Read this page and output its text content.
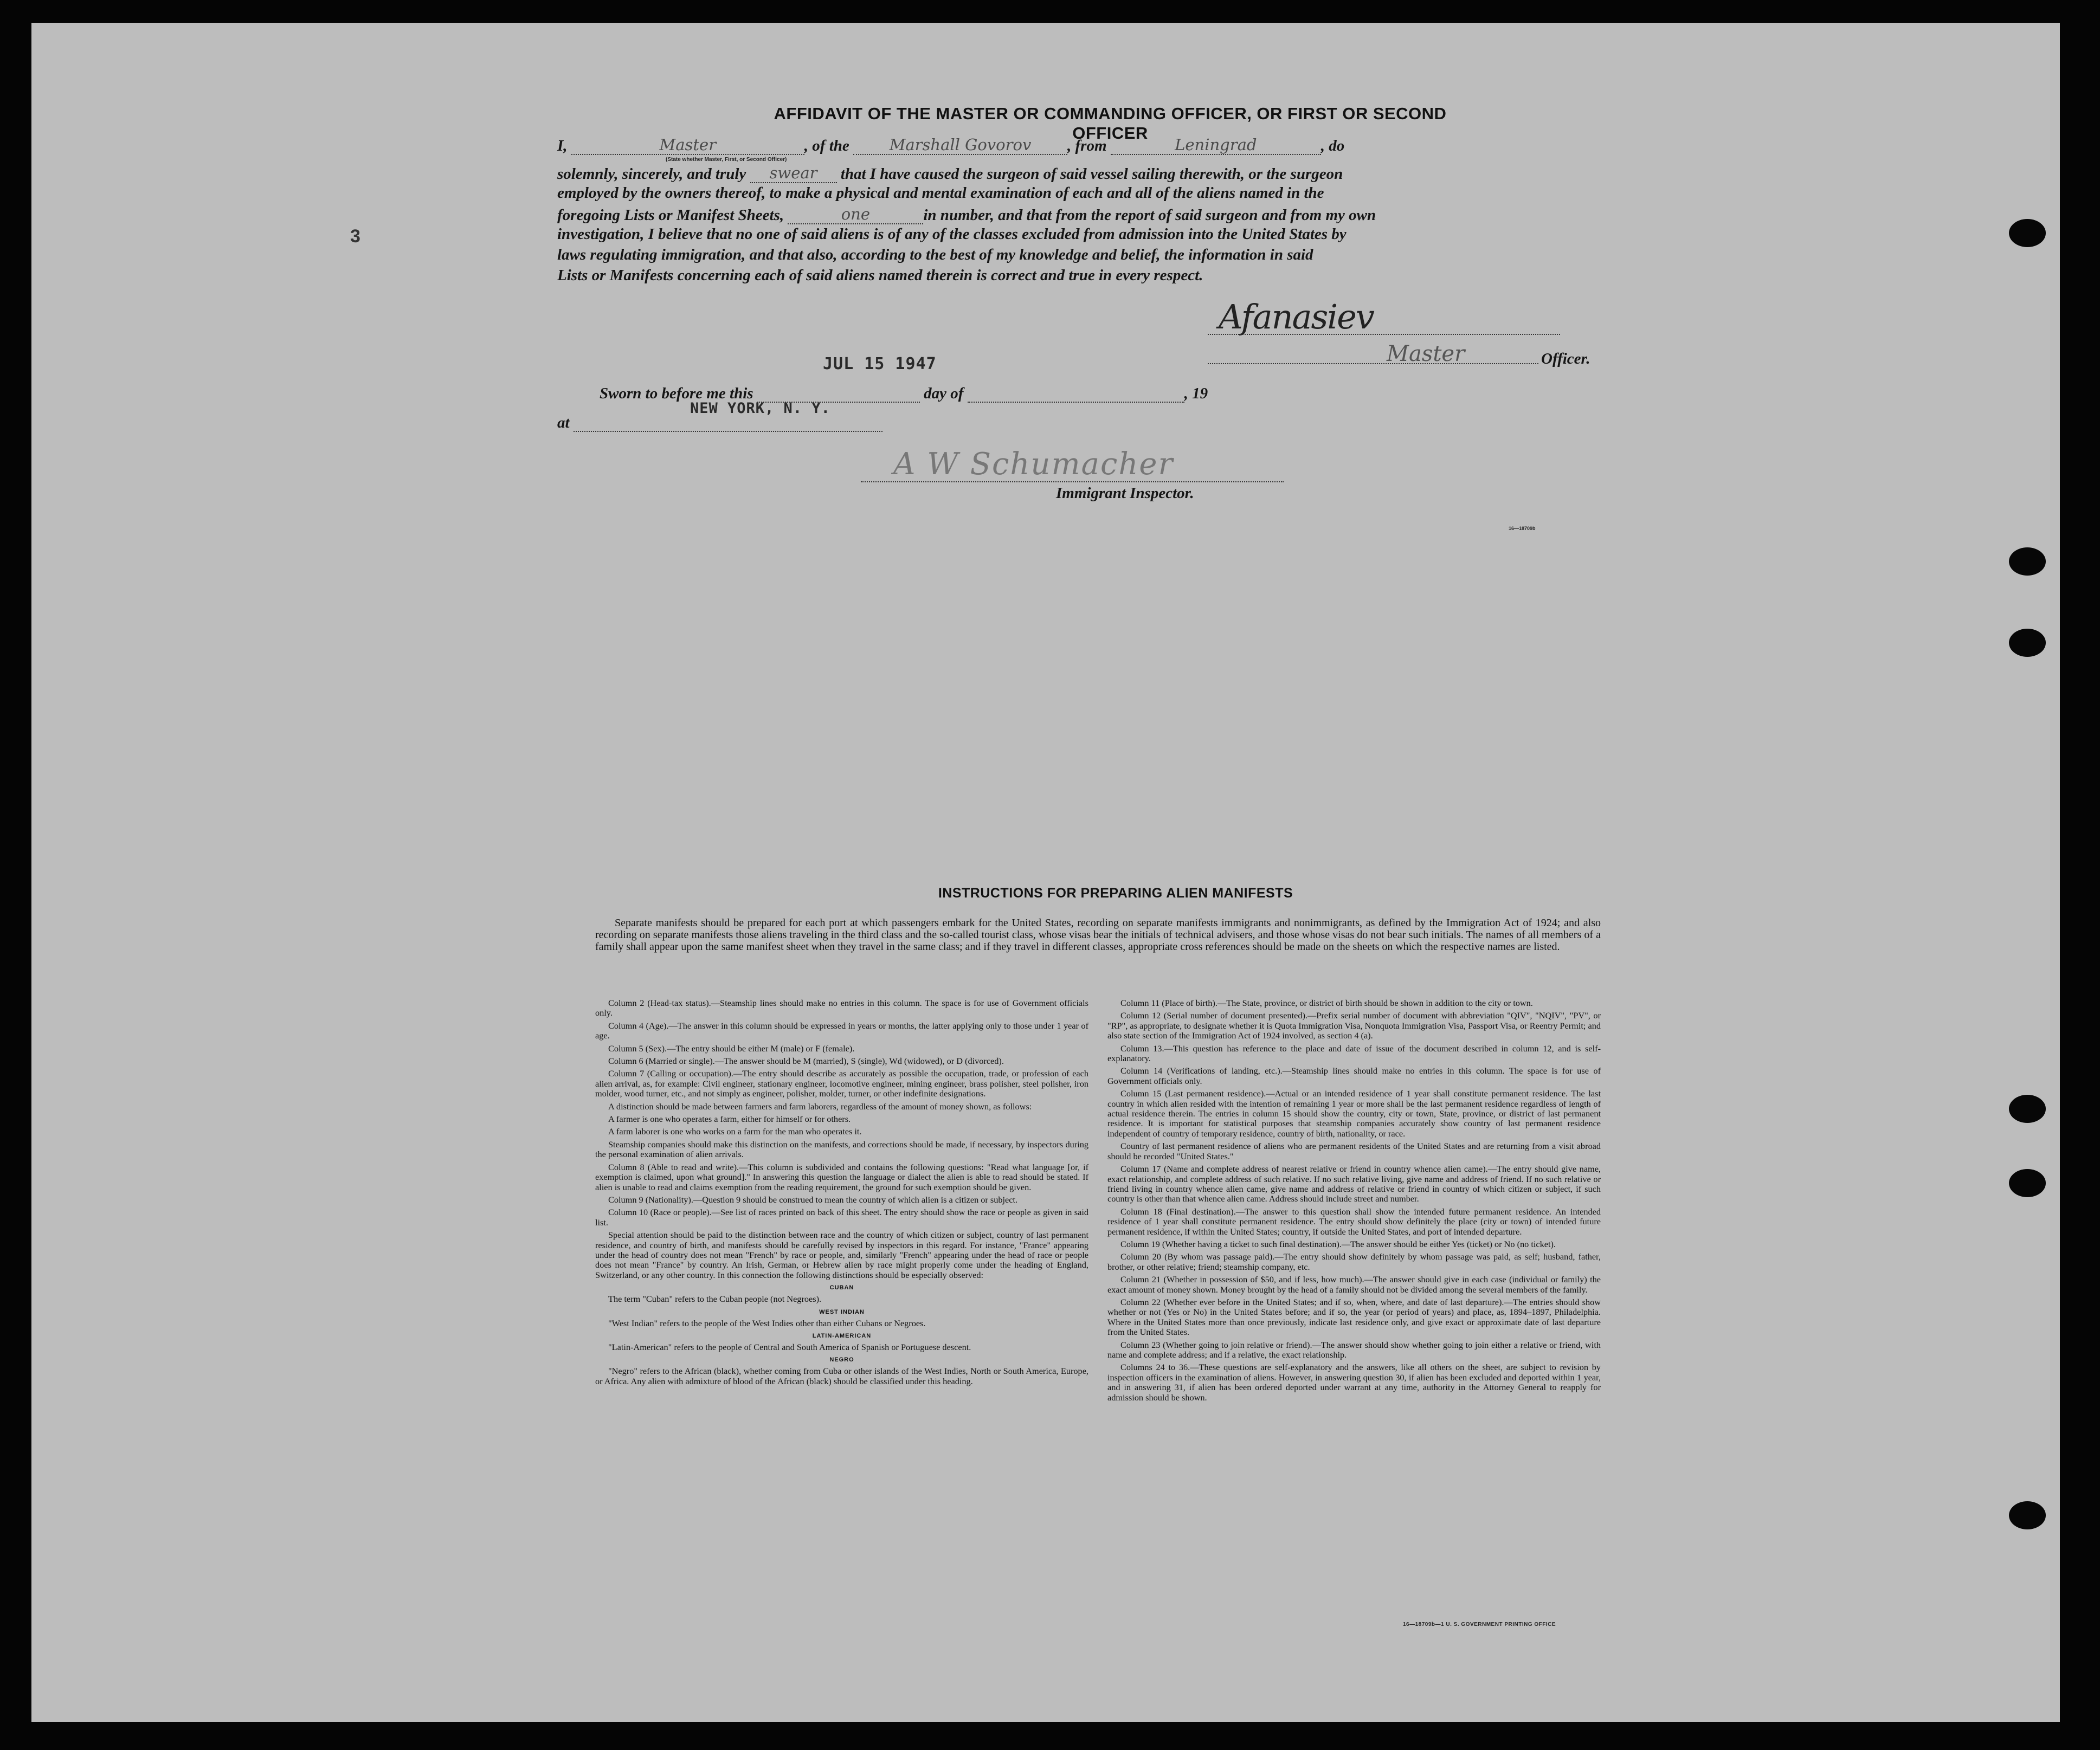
3
AFFIDAVIT OF THE MASTER OR COMMANDING OFFICER, OR FIRST OR SECOND OFFICER
I,	Master	, of the	Marshall Govorov , from	Leningrad	, do
(State whether Master, First, or Second Officer)
solemnly, sincerely, and truly swear that I have caused the surgeon of said vessel sailing therewith, or the surgeon
employed by the owners thereof, to make a physical and mental examination of each and all of the aliens named in the
foregoing Lists or Manifest Sheets,	one	in number, and that from the report of said surgeon and from my own
investigation, I believe that no one of said aliens is of any of the classes excluded from admission into the United States by
laws regulating immigration, and that also, according to the best of my knowledge and belief, the information in said
Lists or Manifests concerning each of said aliens named therein is correct and true in every respect.
Afanasiev
Master	Officer.
JUL 15 1947
Sworn to before me this	day of	, 19
NEW YORK, N. Y.
at
A W Schumacher
Immigrant Inspector.
16—18709b
INSTRUCTIONS FOR PREPARING ALIEN MANIFESTS
Separate manifests should be prepared for each port at which passengers embark for the United States, recording on separate manifests immigrants and nonimmigrants, as defined by the Immigration Act of 1924; and also recording on separate manifests those aliens traveling in the third class and the so-called tourist class, whose visas bear the initials of technical advisers, and those whose visas do not bear such initials. The names of all members of a family shall appear upon the same manifest sheet when they travel in the same class; and if they travel in different classes, appropriate cross references should be made on the sheets on which the respective names are listed.

Column 2 (Head-tax status).—Steamship lines should make no entries in this column. The space is for use of Government officials only.

Column 4 (Age).—The answer in this column should be expressed in years or months, the latter applying only to those under 1 year of age.

Column 5 (Sex).—The entry should be either M (male) or F (female).

Column 6 (Married or single).—The answer should be M (married), S (single), Wd (widowed), or D (divorced).

Column 7 (Calling or occupation).—The entry should describe as accurately as possible the occupation, trade, or profession of each alien arrival, as, for example: Civil engineer, stationary engineer, locomotive engineer, mining engineer, brass polisher, steel polisher, iron molder, wood turner, etc., and not simply as engineer, polisher, molder, turner, or other indefinite designations.

A distinction should be made between farmers and farm laborers, regardless of the amount of money shown, as follows:

A farmer is one who operates a farm, either for himself or for others.

A farm laborer is one who works on a farm for the man who operates it.

Steamship companies should make this distinction on the manifests, and corrections should be made, if necessary, by inspectors during the personal examination of alien arrivals.

Column 8 (Able to read and write).—This column is subdivided and contains the following questions: "Read what language [or, if exemption is claimed, upon what ground]." In answering this question the language or dialect the alien is able to read should be stated. If alien is unable to read and claims exemption from the reading requirement, the ground for such exemption should be given.

Column 9 (Nationality).—Question 9 should be construed to mean the country of which alien is a citizen or subject.

Column 10 (Race or people).—See list of races printed on back of this sheet. The entry should show the race or people as given in said list.

Special attention should be paid to the distinction between race and the country of which citizen or subject, country of last permanent residence, and country of birth, and manifests should be carefully revised by inspectors in this regard. For instance, "France" appearing under the head of country does not mean "French" by race or people, and, similarly "French" appearing under the head of race or people does not mean "France" by country. An Irish, German, or Hebrew alien by race might properly come under the heading of England, Switzerland, or any other country. In this connection the following distinctions should be especially observed:

CUBAN

The term "Cuban" refers to the Cuban people (not Negroes).

WEST INDIAN

"West Indian" refers to the people of the West Indies other than either Cubans or Negroes.

LATIN-AMERICAN

"Latin-American" refers to the people of Central and South America of Spanish or Portuguese descent.

NEGRO

"Negro" refers to the African (black), whether coming from Cuba or other islands of the West Indies, North or South America, Europe, or Africa. Any alien with admixture of blood of the African (black) should be classified under this heading.

Column 11 (Place of birth).—The State, province, or district of birth should be shown in addition to the city or town.

Column 12 (Serial number of document presented).—Prefix serial number of document with abbreviation "QIV", "NQIV", "PV", or "RP", as appropriate, to designate whether it is Quota Immigration Visa, Nonquota Immigration Visa, Passport Visa, or Reentry Permit; and also state section of the Immigration Act of 1924 involved, as section 4 (a).

Column 13.—This question has reference to the place and date of issue of the document described in column 12, and is self-explanatory.

Column 14 (Verifications of landing, etc.).—Steamship lines should make no entries in this column. The space is for use of Government officials only.

Column 15 (Last permanent residence).—Actual or an intended residence of 1 year shall constitute permanent residence. The last country in which alien resided with the intention of remaining 1 year or more shall be the last permanent residence regardless of length of actual residence therein. The entries in column 15 should show the country, city or town, State, province, or district of last permanent residence. It is important for statistical purposes that steamship companies accurately show country of last permanent residence independent of country of temporary residence, country of birth, nationality, or race.

Country of last permanent residence of aliens who are permanent residents of the United States and are returning from a visit abroad should be recorded "United States."

Column 17 (Name and complete address of nearest relative or friend in country whence alien came).—The entry should give name, exact relationship, and complete address of such relative. If no such relative living, give name and address of friend. If no such relative or friend living in country whence alien came, give name and address of relative or friend in country of which citizen or subject, if such country is other than that whence alien came. Address should include street and number.

Column 18 (Final destination).—The answer to this question shall show the intended future permanent residence. An intended residence of 1 year shall constitute permanent residence. The entry should show definitely the place (city or town) of intended future permanent residence, if within the United States; country, if outside the United States, and port of intended departure.

Column 19 (Whether having a ticket to such final destination).—The answer should be either Yes (ticket) or No (no ticket).

Column 20 (By whom was passage paid).—The entry should show definitely by whom passage was paid, as self; husband, father, brother, or other relative; friend; steamship company, etc.

Column 21 (Whether in possession of $50, and if less, how much).—The answer should give in each case (individual or family) the exact amount of money shown. Money brought by the head of a family should not be divided among the several members of the family.

Column 22 (Whether ever before in the United States; and if so, when, where, and date of last departure).—The entries should show whether or not (Yes or No) in the United States before; and if so, the year (or period of years) and place, as, 1894–1897, Philadelphia. Where in the United States more than once previously, indicate last residence only, and give exact or approximate date of last departure from the United States.

Column 23 (Whether going to join relative or friend).—The answer should show whether going to join either a relative or friend, with name and complete address; and if a relative, the exact relationship.

Columns 24 to 36.—These questions are self-explanatory and the answers, like all others on the sheet, are subject to revision by inspection officers in the examination of aliens. However, in answering question 30, if alien has been excluded and deported within 1 year, and in answering 31, if alien has been ordered deported under warrant at any time, authority in the Attorney General to reapply for admission should be shown.

16—18709b—1 U. S. GOVERNMENT PRINTING OFFICE
